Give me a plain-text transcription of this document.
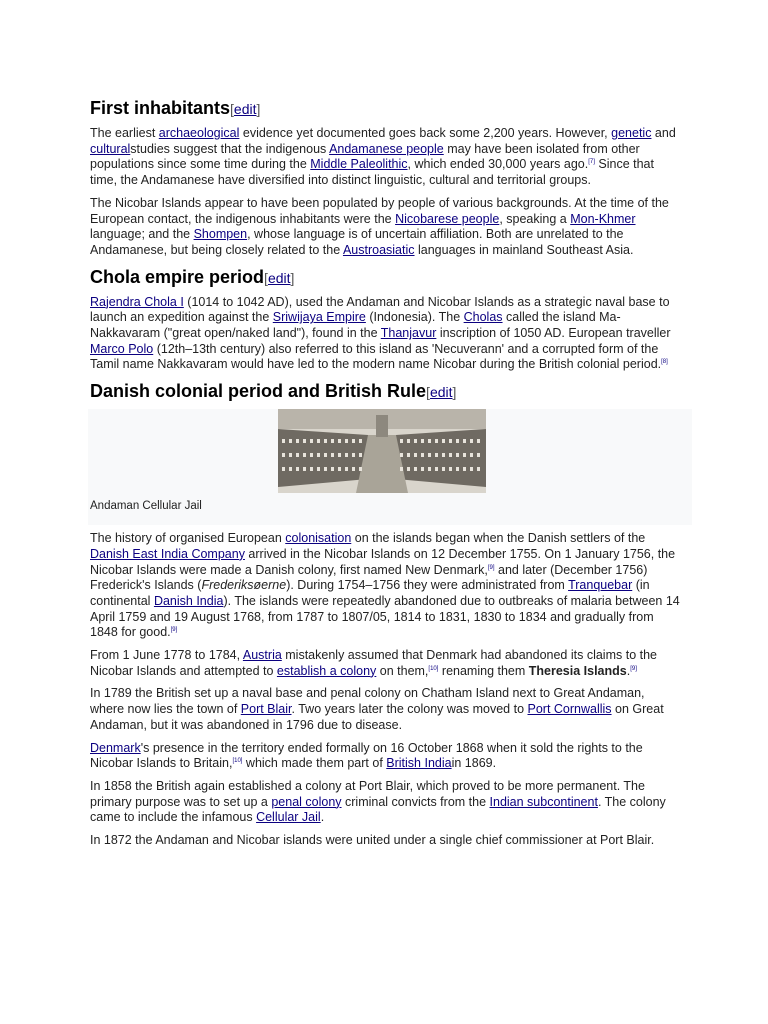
First inhabitants[edit]

The earliest archaeological evidence yet documented goes back some 2,200 years. However, genetic and culturalstudies suggest that the indigenous Andamanese people may have been isolated from other populations since some time during the Middle Paleolithic, which ended 30,000 years ago.[7] Since that time, the Andamanese have diversified into distinct linguistic, cultural and territorial groups.

The Nicobar Islands appear to have been populated by people of various backgrounds. At the time of the European contact, the indigenous inhabitants were the Nicobarese people, speaking a Mon-Khmer language; and the Shompen, whose language is of uncertain affiliation. Both are unrelated to the Andamanese, but being closely related to the Austroasiatic languages in mainland Southeast Asia.

Chola empire period[edit]

Rajendra Chola I (1014 to 1042 AD), used the Andaman and Nicobar Islands as a strategic naval base to launch an expedition against the Sriwijaya Empire (Indonesia). The Cholas called the island Ma-Nakkavaram ("great open/naked land"), found in the Thanjavur inscription of 1050 AD. European traveller Marco Polo (12th–13th century) also referred to this island as 'Necuverann' and a corrupted form of the Tamil name Nakkavaram would have led to the modern name Nicobar during the British colonial period.[8]

Danish colonial period and British Rule[edit]
Andaman Cellular Jail

The history of organised European colonisation on the islands began when the Danish settlers of the Danish East India Company arrived in the Nicobar Islands on 12 December 1755. On 1 January 1756, the Nicobar Islands were made a Danish colony, first named New Denmark,[9] and later (December 1756) Frederick's Islands (Frederiksøerne). During 1754–1756 they were administrated from Tranquebar (in continental Danish India). The islands were repeatedly abandoned due to outbreaks of malaria between 14 April 1759 and 19 August 1768, from 1787 to 1807/05, 1814 to 1831, 1830 to 1834 and gradually from 1848 for good.[9]

From 1 June 1778 to 1784, Austria mistakenly assumed that Denmark had abandoned its claims to the Nicobar Islands and attempted to establish a colony on them,[10] renaming them Theresia Islands.[9]

In 1789 the British set up a naval base and penal colony on Chatham Island next to Great Andaman, where now lies the town of Port Blair. Two years later the colony was moved to Port Cornwallis on Great Andaman, but it was abandoned in 1796 due to disease.

Denmark's presence in the territory ended formally on 16 October 1868 when it sold the rights to the Nicobar Islands to Britain,[10] which made them part of British Indiain 1869.

In 1858 the British again established a colony at Port Blair, which proved to be more permanent. The primary purpose was to set up a penal colony criminal convicts from the Indian subcontinent. The colony came to include the infamous Cellular Jail.

In 1872 the Andaman and Nicobar islands were united under a single chief commissioner at Port Blair.
